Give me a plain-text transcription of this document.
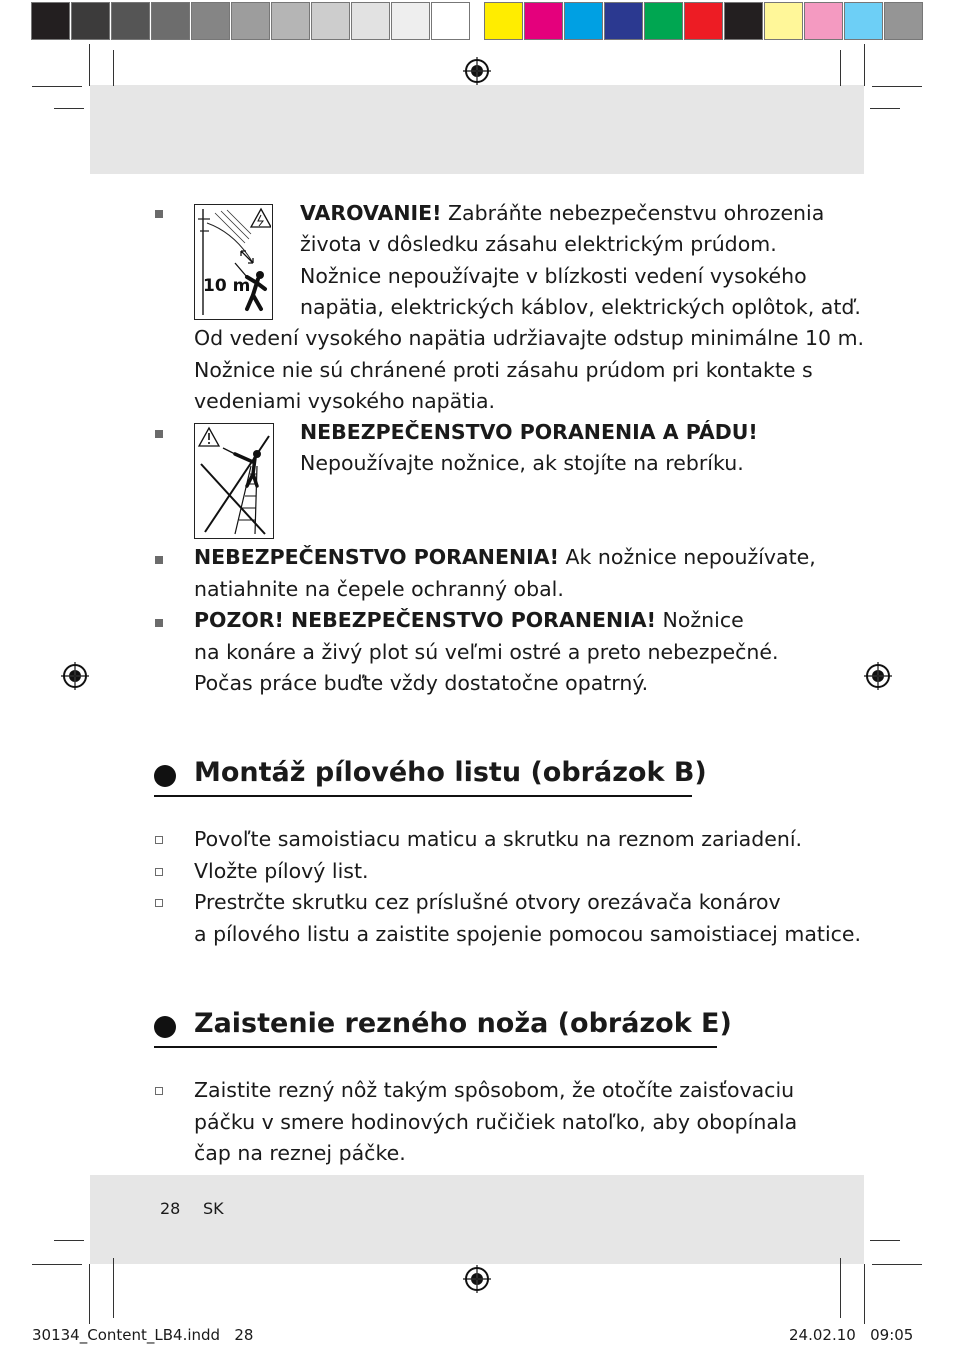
10 m
VAROVANIE! Zabráňte nebezpečenstvu ohrozenia
života v dôsledku zásahu elektrickým prúdom.
Nožnice nepoužívajte v blízkosti vedení vysokého
napätia, elektrických káblov, elektrických oplôtok, atď.
Od vedení vysokého napätia udržiavajte odstup minimálne 10 m.
Nožnice nie sú chránené proti zásahu prúdom pri kontakte s
vedeniami vysokého napätia.
NEBEZPEČENSTVO PORANENIA A PÁDU!
Nepoužívajte nožnice, ak stojíte na rebríku.
NEBEZPEČENSTVO PORANENIA! Ak nožnice nepoužívate,
natiahnite na čepele ochranný obal.
POZOR! NEBEZPEČENSTVO PORANENIA! Nožnice
na konáre a živý plot sú veľmi ostré a preto nebezpečné.
Počas práce buďte vždy dostatočne opatrný.
Montáž pílového listu (obrázok B)
Povoľte samoistiacu maticu a skrutku na reznom zariadení.
Vložte pílový list.
Prestrčte skrutku cez príslušné otvory orezávača konárov
a pílového listu a zaistite spojenie pomocou samoistiacej matice.
Zaistenie rezného noža (obrázok E)
Zaistite rezný nôž takým spôsobom, že otočíte zaisťovaciu
páčku v smere hodinových ručičiek natoľko, aby obopínala
čap na reznej páčke.
28 SK
30134_Content_LB4.indd   28	24.02.10   09:05
